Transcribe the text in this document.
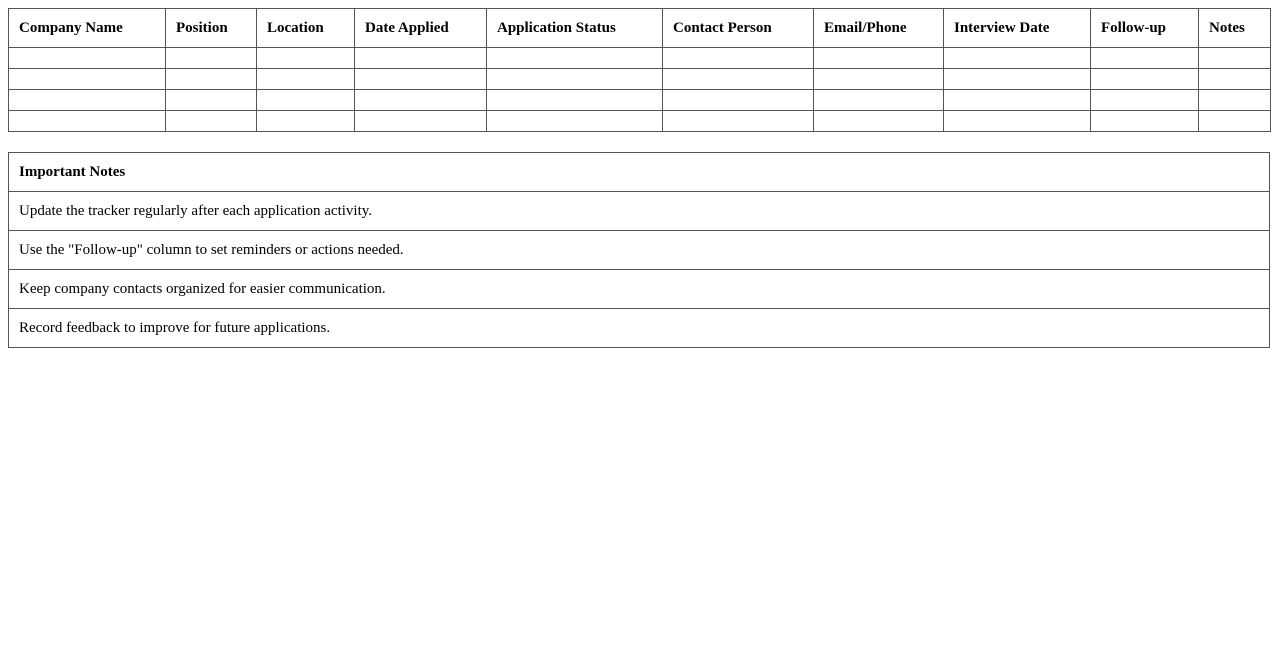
Company Name	Position	Location	Date Applied	Application Status	Contact Person	Email/Phone	Interview Date	Follow-up	Notes

Important Notes
Update the tracker regularly after each application activity.
Use the "Follow-up" column to set reminders or actions needed.
Keep company contacts organized for easier communication.
Record feedback to improve for future applications.
